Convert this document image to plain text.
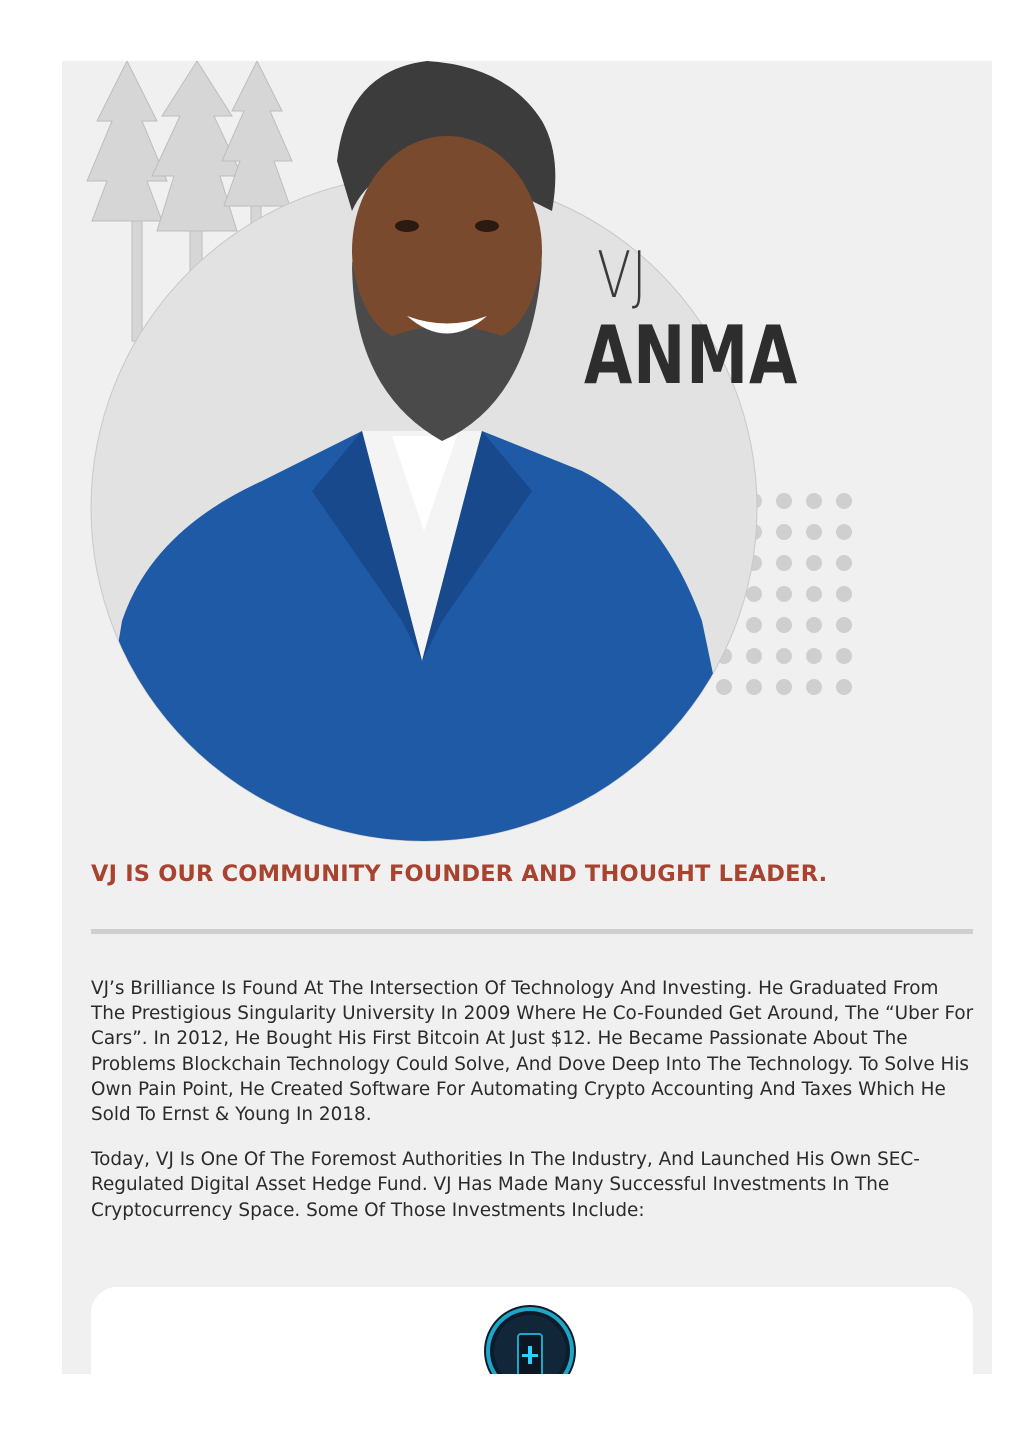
VJ
ANMA
VJ IS OUR COMMUNITY FOUNDER AND THOUGHT LEADER.

VJ’s Brilliance Is Found At The Intersection Of Technology And Investing. He Graduated From The Prestigious Singularity University In 2009 Where He Co-Founded Get Around, The “Uber For Cars”. In 2012, He Bought His First Bitcoin At Just $12. He Became Passionate About The Problems Blockchain Technology Could Solve, And Dove Deep Into The Technology. To Solve His Own Pain Point, He Created Software For Automating Crypto Accounting And Taxes Which He Sold To Ernst & Young In 2018.

Today, VJ Is One Of The Foremost Authorities In The Industry, And Launched His Own SEC-Regulated Digital Asset Hedge Fund. VJ Has Made Many Successful Investments In The Cryptocurrency Space. Some Of Those Investments Include:
